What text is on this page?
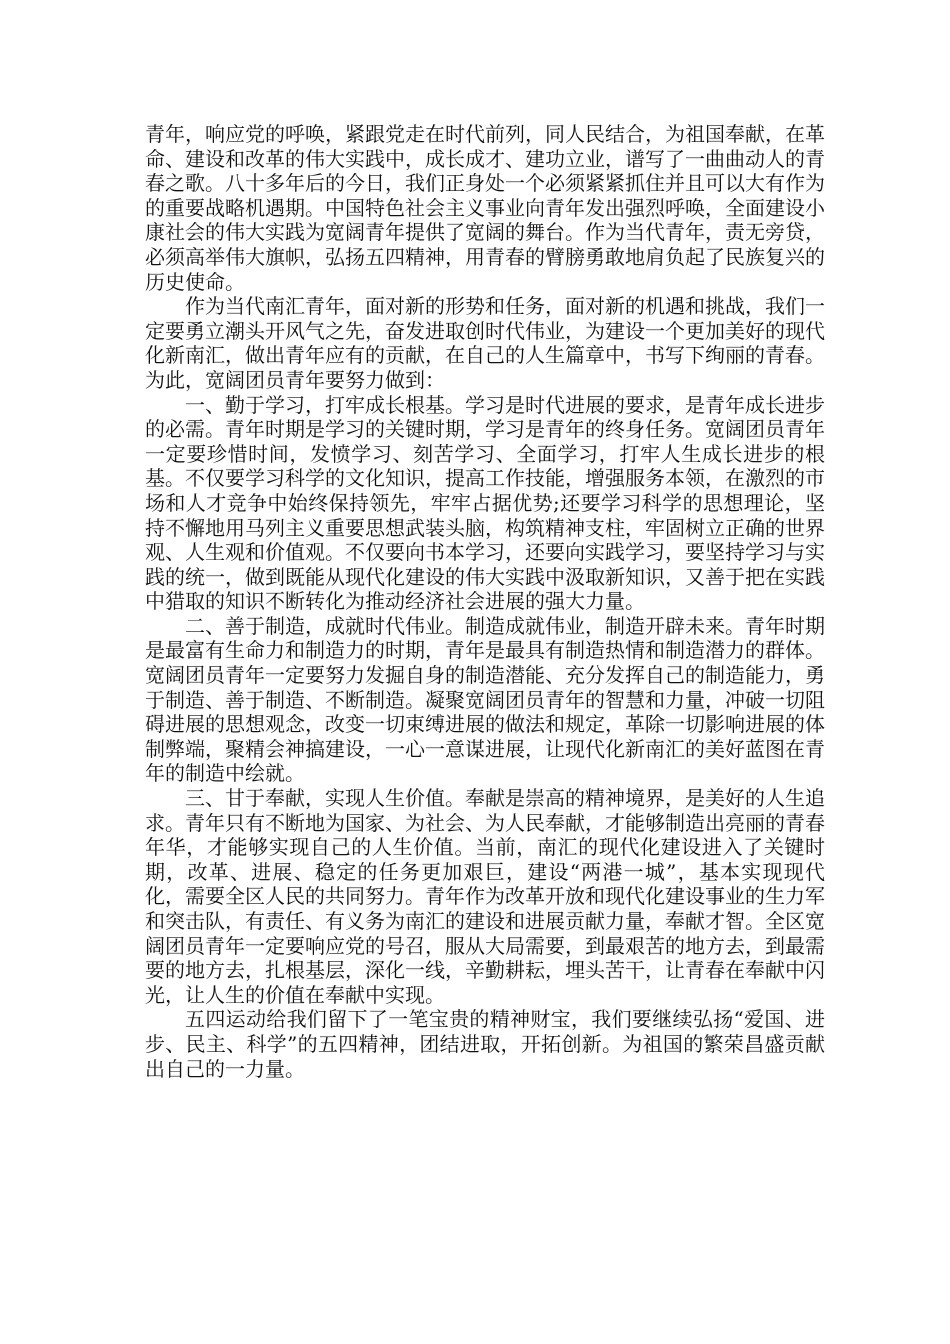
青年，响应党的呼唤，紧跟党走在时代前列，同人民结合，为祖国奉献，在革命、建设和改革的伟大实践中，成长成才、建功立业，谱写了一曲曲动人的青春之歌。八十多年后的今日，我们正身处一个必须紧紧抓住并且可以大有作为的重要战略机遇期。中国特色社会主义事业向青年发出强烈呼唤，全面建设小康社会的伟大实践为宽阔青年提供了宽阔的舞台。作为当代青年，责无旁贷，必须高举伟大旗帜，弘扬五四精神，用青春的臂膀勇敢地肩负起了民族复兴的历史使命。

作为当代南汇青年，面对新的形势和任务，面对新的机遇和挑战，我们一定要勇立潮头开风气之先，奋发进取创时代伟业，为建设一个更加美好的现代化新南汇，做出青年应有的贡献，在自己的人生篇章中，书写下绚丽的青春。为此，宽阔团员青年要努力做到：

一、勤于学习，打牢成长根基。学习是时代进展的要求，是青年成长进步的必需。青年时期是学习的关键时期，学习是青年的终身任务。宽阔团员青年一定要珍惜时间，发愤学习、刻苦学习、全面学习，打牢人生成长进步的根基。不仅要学习科学的文化知识，提高工作技能，增强服务本领，在激烈的市场和人才竞争中始终保持领先，牢牢占据优势;还要学习科学的思想理论，坚持不懈地用马列主义重要思想武装头脑，构筑精神支柱，牢固树立正确的世界观、人生观和价值观。不仅要向书本学习，还要向实践学习，要坚持学习与实践的统一，做到既能从现代化建设的伟大实践中汲取新知识，又善于把在实践中猎取的知识不断转化为推动经济社会进展的强大力量。

二、善于制造，成就时代伟业。制造成就伟业，制造开辟未来。青年时期是最富有生命力和制造力的时期，青年是最具有制造热情和制造潜力的群体。宽阔团员青年一定要努力发掘自身的制造潜能、充分发挥自己的制造能力，勇于制造、善于制造、不断制造。凝聚宽阔团员青年的智慧和力量，冲破一切阻碍进展的思想观念，改变一切束缚进展的做法和规定，革除一切影响进展的体制弊端，聚精会神搞建设，一心一意谋进展，让现代化新南汇的美好蓝图在青年的制造中绘就。

三、甘于奉献，实现人生价值。奉献是崇高的精神境界，是美好的人生追求。青年只有不断地为国家、为社会、为人民奉献，才能够制造出亮丽的青春年华，才能够实现自己的人生价值。当前，南汇的现代化建设进入了关键时期，改革、进展、稳定的任务更加艰巨，建设“两港一城”，基本实现现代化，需要全区人民的共同努力。青年作为改革开放和现代化建设事业的生力军和突击队，有责任、有义务为南汇的建设和进展贡献力量，奉献才智。全区宽阔团员青年一定要响应党的号召，服从大局需要，到最艰苦的地方去，到最需要的地方去，扎根基层，深化一线，辛勤耕耘，埋头苦干，让青春在奉献中闪光，让人生的价值在奉献中实现。

五四运动给我们留下了一笔宝贵的精神财宝，我们要继续弘扬“爱国、进步、民主、科学”的五四精神，团结进取，开拓创新。为祖国的繁荣昌盛贡献出自己的一力量。
